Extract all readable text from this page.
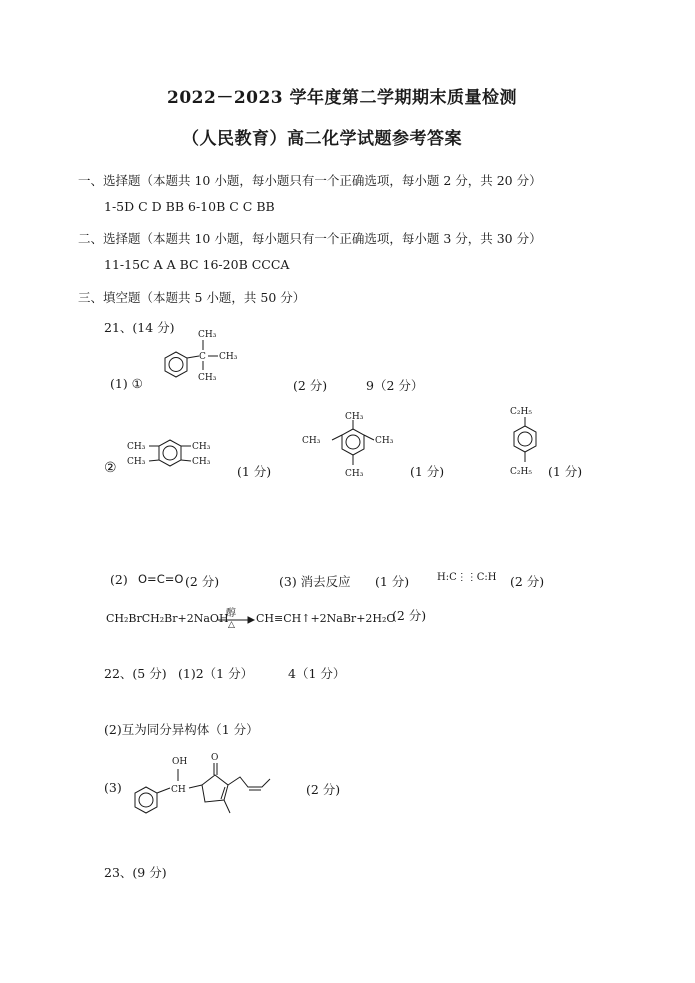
2022－2023 学年度第二学期期末质量检测
（人民教育）高二化学试题参考答案
一、选择题（本题共 10 小题，每小题只有一个正确选项，每小题 2 分，共 20 分）
1-5D C D BB 6-10B C C BB
二、选择题（本题共 10 小题，每小题只有一个正确选项，每小题 3 分，共 30 分）
11-15C A A BC 16-20B CCCA
三、填空题（本题共 5 小题，共 50 分）
21、(14 分)
C
CH₃
CH₃
CH₃
(1) ①	(2 分)	9（2 分）
②
CH₃
CH₃
CH₃
CH₃
(1 分)
CH₃
CH₃	CH₃
CH₃	(1 分)
C₂H₅
C₂H₅ (1 分)
(2) O=C=O (2 分)	(3) 消去反应 (1 分)	H:C⋮⋮C:H (2 分)
CH₂BrCH₂Br+2NaOH
醇
△ CH≡CH↑+2NaBr+2H₂O
(2 分)
22、(5 分) (1)2（1 分）	4（1 分）
(2)互为同分异构体（1 分）
(3)	CH
OH	O
(2 分)
23、(9 分)
